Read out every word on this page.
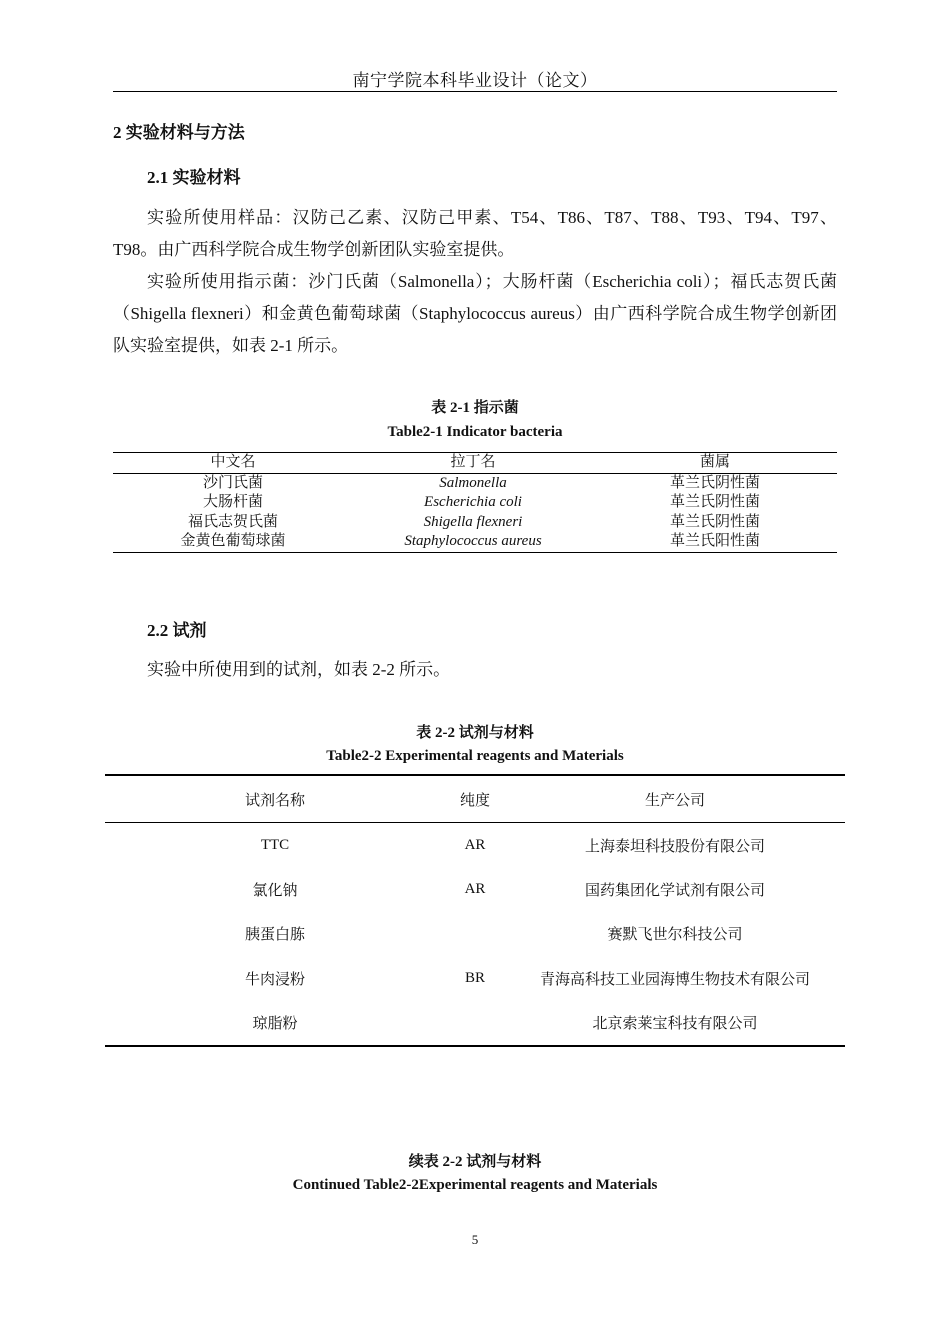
南宁学院本科毕业设计（论文）
2 实验材料与方法
2.1 实验材料

实验所使用样品：汉防己乙素、汉防己甲素、T54、T86、T87、T88、T93、T94、T97、T98。由广西科学院合成生物学创新团队实验室提供。

实验所使用指示菌：沙门氏菌（Salmonella）；大肠杆菌（Escherichia coli）；福氏志贺氏菌（Shigella flexneri）和金黄色葡萄球菌（Staphylococcus aureus）由广西科学院合成生物学创新团队实验室提供，如表 2-1 所示。

表 2-1 指示菌
Table2-1 Indicator bacteria
中文名	拉丁名	菌属
沙门氏菌	Salmonella	革兰氏阴性菌
大肠杆菌	Escherichia coli	革兰氏阴性菌
福氏志贺氏菌	Shigella flexneri	革兰氏阴性菌
金黄色葡萄球菌	Staphylococcus aureus	革兰氏阳性菌
2.2 试剂

实验中所使用到的试剂，如表 2-2 所示。

表 2-2 试剂与材料
Table2-2 Experimental reagents and Materials
试剂名称	纯度	生产公司
TTC	AR	上海泰坦科技股份有限公司
氯化钠	AR	国药集团化学试剂有限公司
胰蛋白胨		赛默飞世尔科技公司
牛肉浸粉	BR	青海高科技工业园海博生物技术有限公司
琼脂粉		北京索莱宝科技有限公司
续表 2-2 试剂与材料
Continued Table2-2Experimental reagents and Materials
5
